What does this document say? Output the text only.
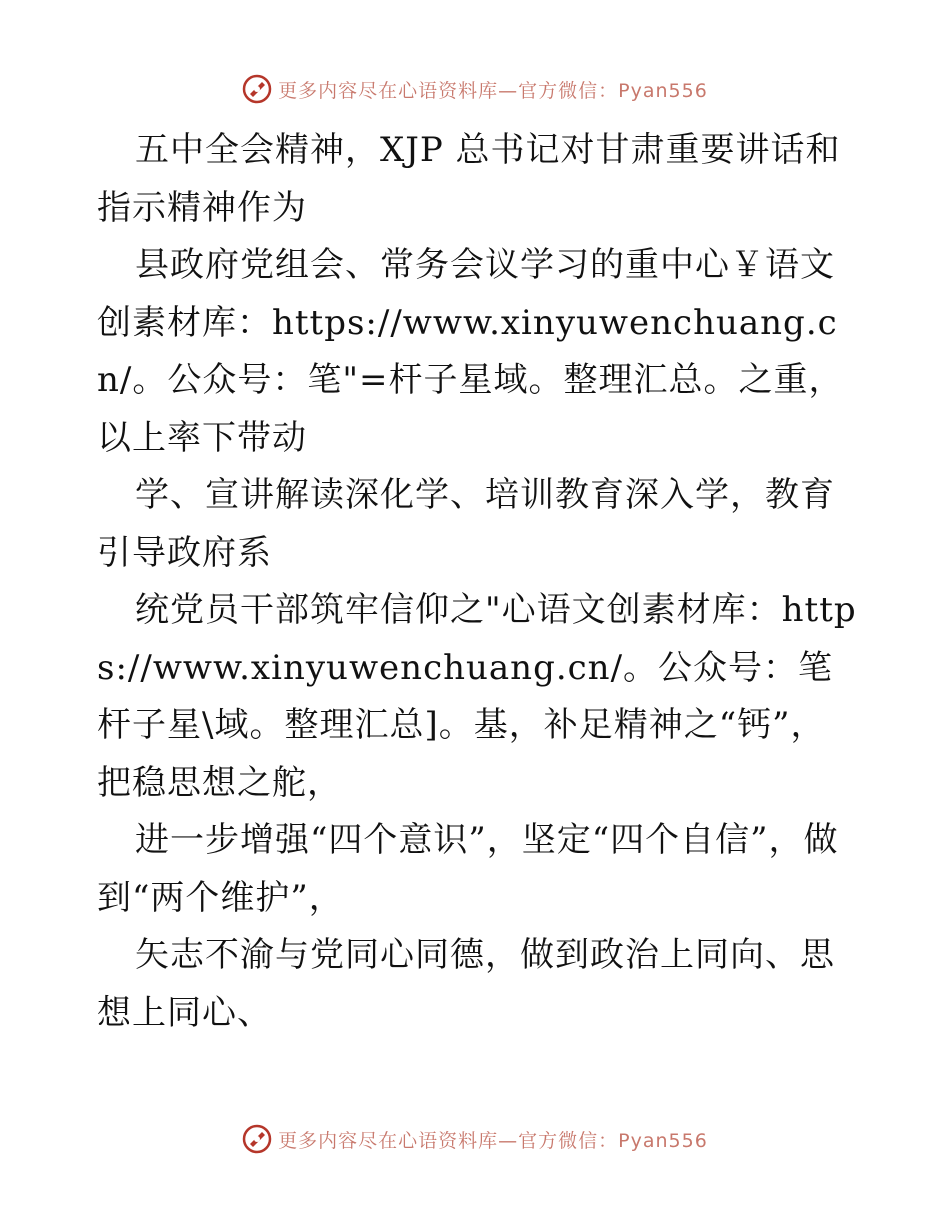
更多内容尽在心语资料库—官方微信：Pyan556

五中全会精神，XJP 总书记对甘肃重要讲话和指示精神作为

县政府党组会、常务会议学习的重中心￥语文创素材库：https://www.xinyuwenchuang.cn/。公众号：笔"=杆子星域。整理汇总。之重，以上率下带动

学、宣讲解读深化学、培训教育深入学，教育引导政府系

统党员干部筑牢信仰之"心语文创素材库：https://www.xinyuwenchuang.cn/。公众号：笔杆子星\域。整理汇总]。基，补足精神之“钙”，把稳思想之舵，

进一步增强“四个意识”，坚定“四个自信”，做到“两个维护”，

矢志不渝与党同心同德，做到政治上同向、思想上同心、

更多内容尽在心语资料库—官方微信：Pyan556
